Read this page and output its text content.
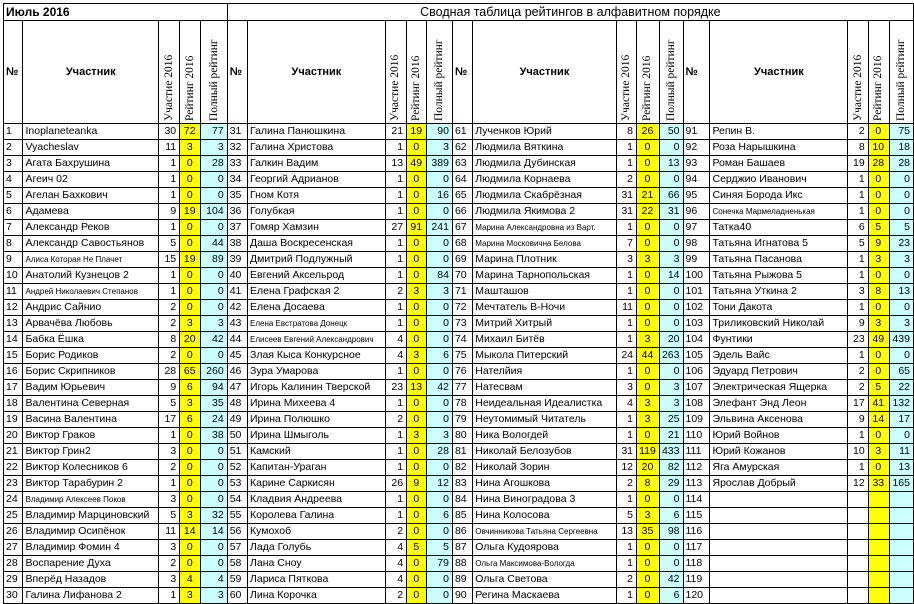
Июль 2016					Сводная таблица рейтингов в алфавитном порядке														
№	Участник	Участие 2016	Рейтинг 2016	Полный рейтинг	№	Участник	Участие 2016	Рейтинг 2016	Полный рейтинг	№	Участник	Участие 2016	Рейтинг 2016	Полный рейтинг	№	Участник	Участие 2016	Рейтинг 2016	Полный рейтинг

1	Inoplaneteanka	30	72	77	31	Галина Панюшкина	21	19	90	61	Лученков Юрий	8	26	50	91	Репин В.	2	0	75
2	Vyacheslav	11	3	3	32	Галина Христова	1	0	3	62	Людмила Вяткина	1	0	0	92	Роза Нарышкина	8	10	18
3	Агата Бахрушина	1	0	28	33	Галкин Вадим	13	49	389	63	Людмила Дубинская	1	0	13	93	Роман Башаев	19	28	28
4	Агеич 02	1	0	0	34	Георгий Адрианов	1	0	0	64	Людмила Корнаева	2	0	0	94	Серджио Иванович	1	0	0
5	Агелан Бахкович	1	0	0	35	Гном Котя	1	0	16	65	Людмила Скабрёзная	31	21	66	95	Синяя Борода Икс	1	0	0
6	Адамева	9	19	104	36	Голубкая	1	0	0	66	Людмила Якимова 2	31	22	31	96	Сонечка Мармеладненькая	1	0	0
7	Александр Реков	1	0	0	37	Гомяр Хамзин	27	91	241	67	Марина Александровна из Варт.	1	0	0	97	Татка40	6	5	5
8	Александр Савостьянов	5	0	44	38	Даша Воскресенская	1	0	0	68	Марина Московична Белова	7	0	0	98	Татьяна Игнатова 5	5	9	23
9	Алиса Которая Не Плачет	15	19	89	39	Дмитрий Подлужный	1	0	0	69	Марина Плотник	3	3	3	99	Татьяна Пасанова	1	3	3
10	Анатолий Кузнецов 2	1	0	0	40	Евгений Аксельрод	1	0	84	70	Марина Тарнопольская	1	0	14	100	Татьяна Рыжова 5	1	0	0
11	Андрей Николаевич Степанов	1	0	0	41	Елена Графская 2	2	3	3	71	Машташов	1	0	0	101	Татьяна Уткина 2	3	8	13
12	Андрис Сайнио	2	0	0	42	Елена Досаева	1	0	0	72	Мечтатель В-Ночи	11	0	0	102	Тони Дакота	1	0	0
13	Арвачёва Любовь	2	3	3	43	Елена Евстратова Донецк	1	0	0	73	Митрий Хитрый	1	0	0	103	Триликовский Николай	9	3	3
14	Бабка Ёшка	8	20	42	44	Елисеев Евгений Александрович	4	0	0	74	Михаил Битёв	1	3	20	104	Фунтики	23	49	439
15	Борис Родиков	2	0	0	45	Злая Кыса Конкурсное	4	3	6	75	Мыкола Питерский	24	44	263	105	Эдель Вайс	1	0	0
16	Борис Скрипников	28	65	260	46	Зура Умарова	1	0	0	76	Нателйия	1	0	0	106	Эдуард Петрович	2	0	65
17	Вадим Юрьевич	9	6	94	47	Игорь Калинин Тверской	23	13	42	77	Натесвам	3	0	3	107	Электрическая Ящерка	2	5	22
18	Валентина Северная	5	3	35	48	Ирина Михеева 4	1	0	0	78	Неидеальная Идеалистка	4	3	3	108	Элефант Энд Леон	17	41	132
19	Васина Валентина	17	6	24	49	Ирина Полюшко	2	0	0	79	Неутомимый Читатель	1	3	25	109	Эльвина Аксенова	9	14	17
20	Виктор Граков	1	0	38	50	Ирина Шмыголь	1	3	3	80	Ника Вологдей	1	0	21	110	Юрий Войнов	1	0	0
21	Виктор Грин2	3	0	0	51	Камский	1	0	28	81	Николай Белозубов	31	119	433	111	Юрий Кожанов	10	3	11
22	Виктор Колесников 6	2	0	0	52	Капитан-Ураган	1	0	0	82	Николай Зорин	12	20	82	112	Яга Амурская	1	0	13
23	Виктор Тарабурин 2	1	0	0	53	Карине Саркисян	26	9	12	83	Нина Агошкова	2	8	29	113	Ярослав Добрый	12	33	165
24	Владимир Алексеев Поков	3	0	0	54	Кладвия Андреева	1	0	0	84	Нина Виноградова 3	1	0	0	114				
25	Владимир Марциновский	5	3	32	55	Королева Галина	1	0	6	85	Нина Колосова	5	3	6	115				
26	Владимир Осипёнок	11	14	14	56	Кумохоб	2	0	0	86	Овчинникова Татьяна Сергеевна	13	35	98	116				
27	Владимир Фомин 4	3	0	0	57	Лада Голубь	4	5	5	87	Ольга Кудоярова	1	0	0	117				
28	Воспарение Духа	2	0	0	58	Лана Сноу	4	0	79	88	Ольга Максимова-Вологда	1	0	0	118				
29	Вперёд Назадов	3	4	4	59	Лариса Пяткова	4	0	0	89	Ольга Светова	2	0	42	119				
30	Галина Лифанова 2	1	3	3	60	Лина Корочка	2	0	0	90	Регина Маскаева	1	0	6	120				
